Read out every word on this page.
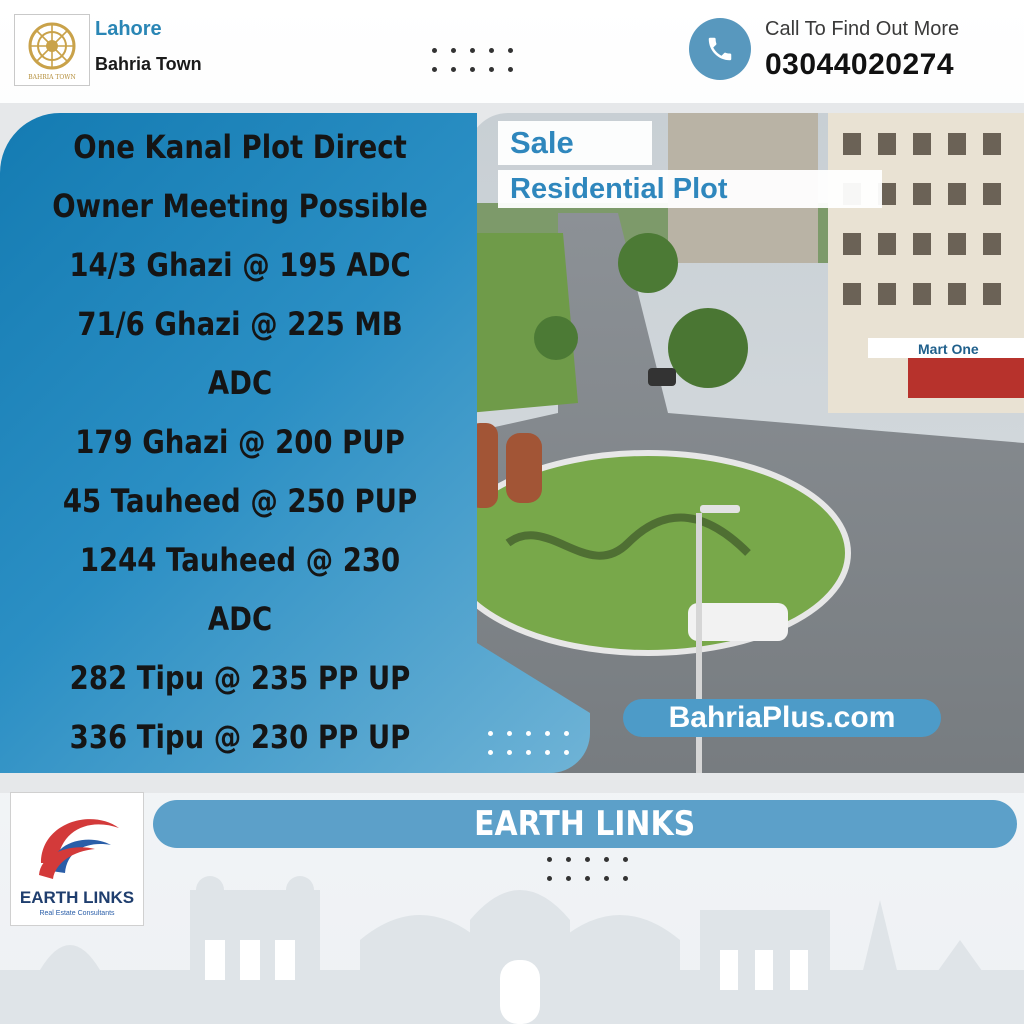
BAHRIA TOWN
Lahore
Bahria Town
Call To Find Out More
03044020274
Mart One
One Kanal Plot Direct
Owner Meeting Possible
14/3 Ghazi @ 195 ADC
71/6 Ghazi @ 225 MB
ADC
179 Ghazi @ 200 PUP
45 Tauheed @ 250 PUP
1244 Tauheed @ 230
ADC
282 Tipu @ 235 PP UP
336 Tipu @ 230 PP UP
Sale
Residential Plot
BahriaPlus.com
EARTH LINKS
Real Estate Consultants
EARTH LINKS
